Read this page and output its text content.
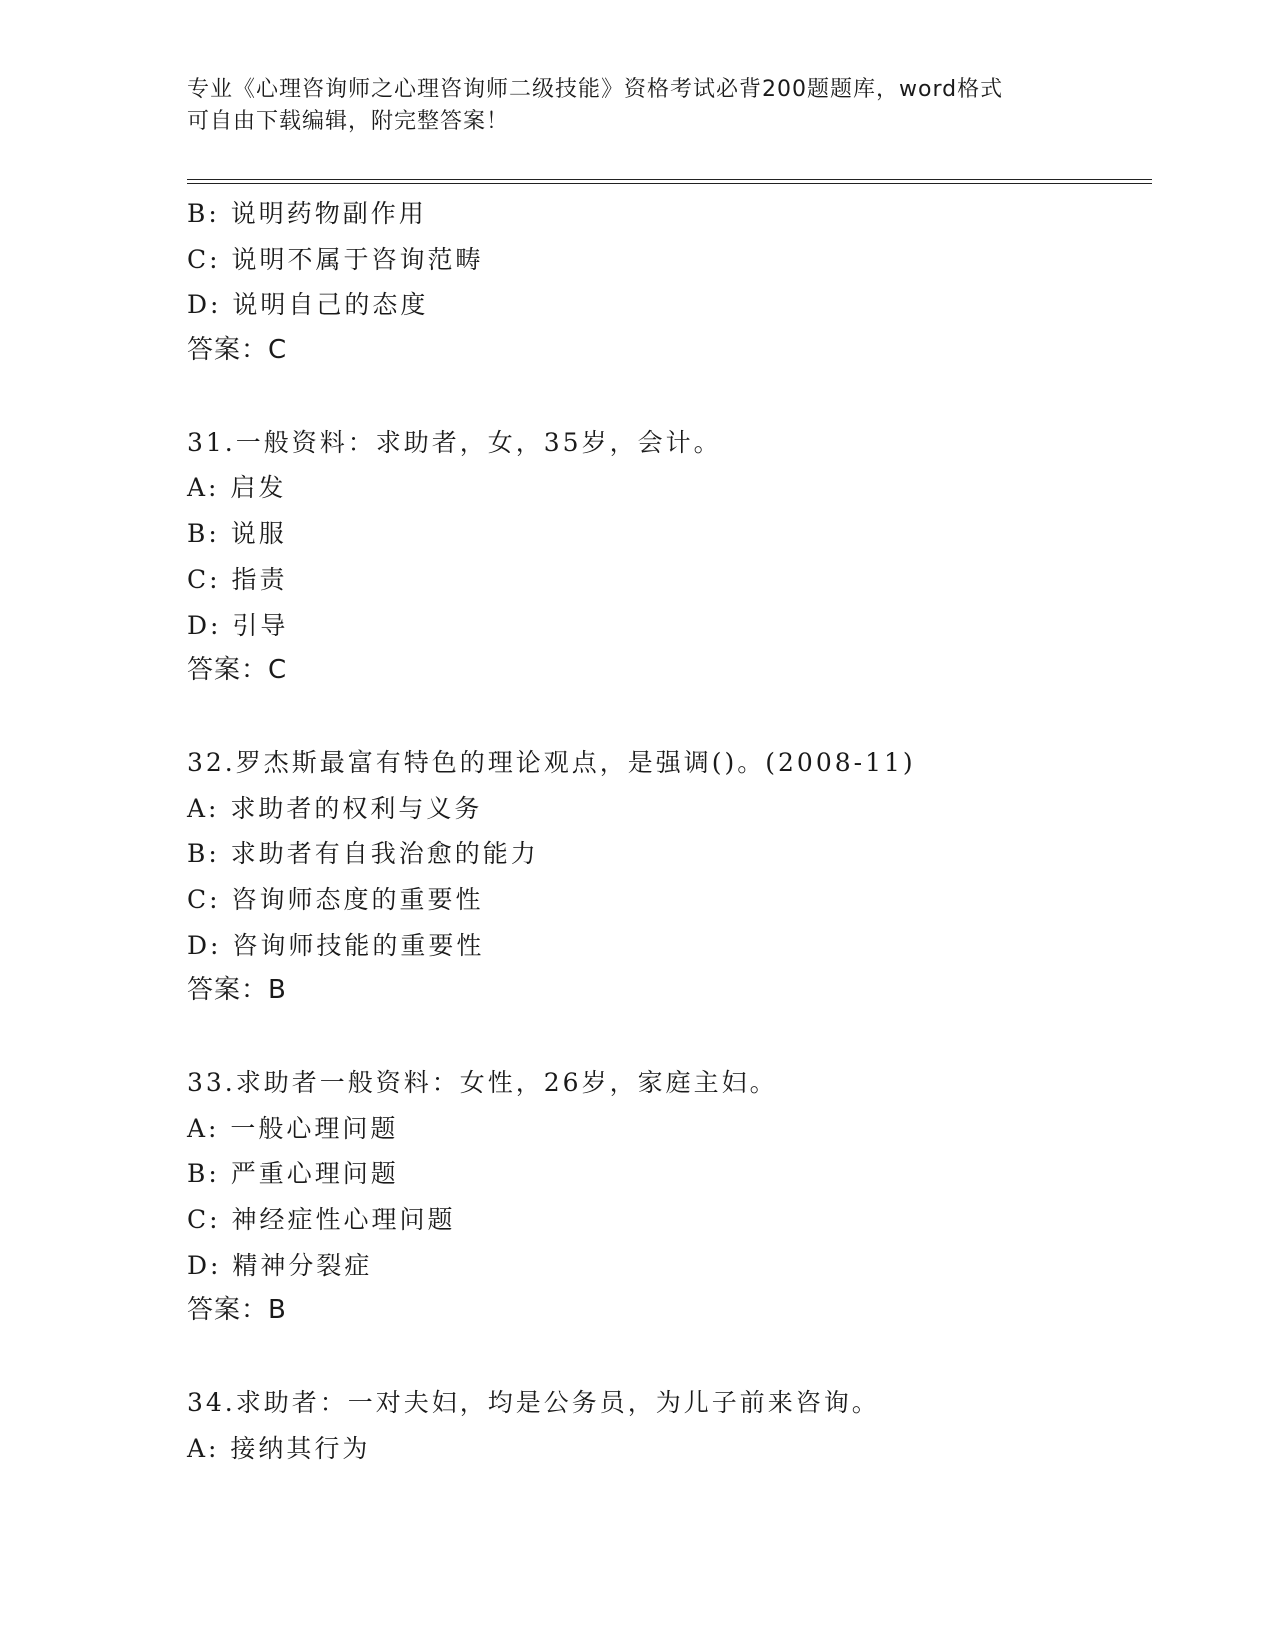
专业《心理咨询师之心理咨询师二级技能》资格考试必背200题题库，word格式
可自由下载编辑，附完整答案！
B: 说明药物副作用
C: 说明不属于咨询范畴
D: 说明自己的态度
答案：C
31.一般资料：求助者，女，35岁，会计。
A: 启发
B: 说服
C: 指责
D: 引导
答案：C
32.罗杰斯最富有特色的理论观点，是强调()。(2008-11)
A: 求助者的权利与义务
B: 求助者有自我治愈的能力
C: 咨询师态度的重要性
D: 咨询师技能的重要性
答案：B
33.求助者一般资料：女性，26岁，家庭主妇。
A: 一般心理问题
B: 严重心理问题
C: 神经症性心理问题
D: 精神分裂症
答案：B
34.求助者：一对夫妇，均是公务员，为儿子前来咨询。
A: 接纳其行为
